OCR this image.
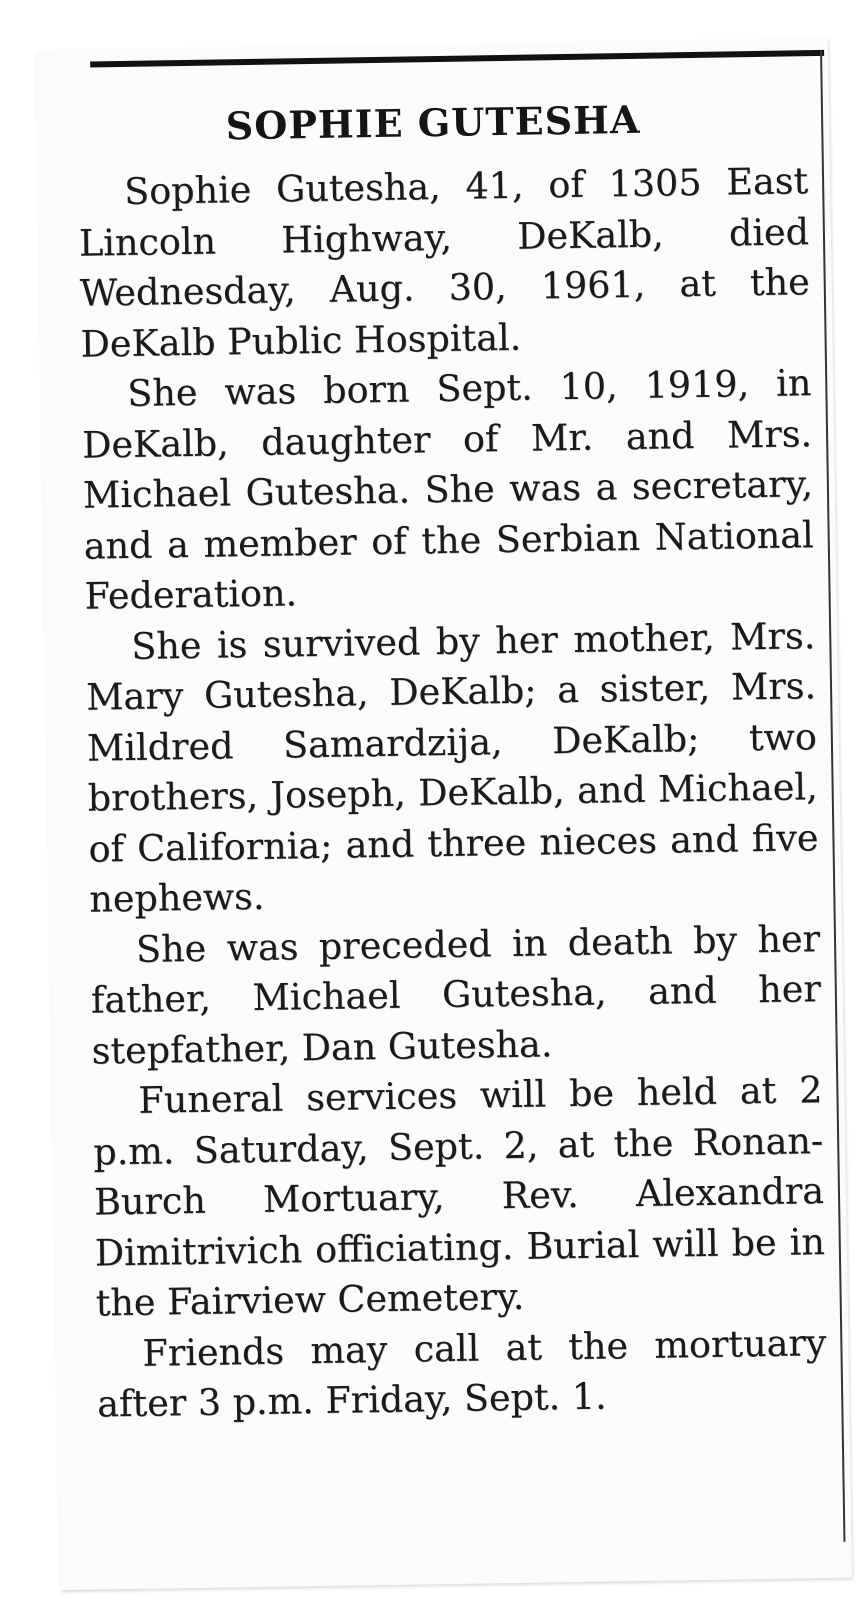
SOPHIE GUTESHA

Sophie Gutesha, 41, of 1305 East Lincoln Highway, DeKalb, died Wednesday, Aug. 30, 1961, at the DeKalb Public Hospital.

She was born Sept. 10, 1919, in DeKalb, daughter of Mr. and Mrs. Michael Gutesha. She was a secretary, and a member of the Serbian National Federation.

She is survived by her mother, Mrs. Mary Gutesha, DeKalb; a sister, Mrs. Mildred Samardzija, DeKalb; two brothers, Joseph, DeKalb, and Michael, of California; and three nieces and five nephews.

She was preceded in death by her father, Michael Gutesha, and her stepfather, Dan Gutesha.

Funeral services will be held at 2 p.m. Saturday, Sept. 2, at the Ronan-Burch Mortuary, Rev. Alexandra Dimitrivich officiating. Burial will be in the Fairview Cemetery.

Friends may call at the mortuary after 3 p.m. Friday, Sept. 1.
